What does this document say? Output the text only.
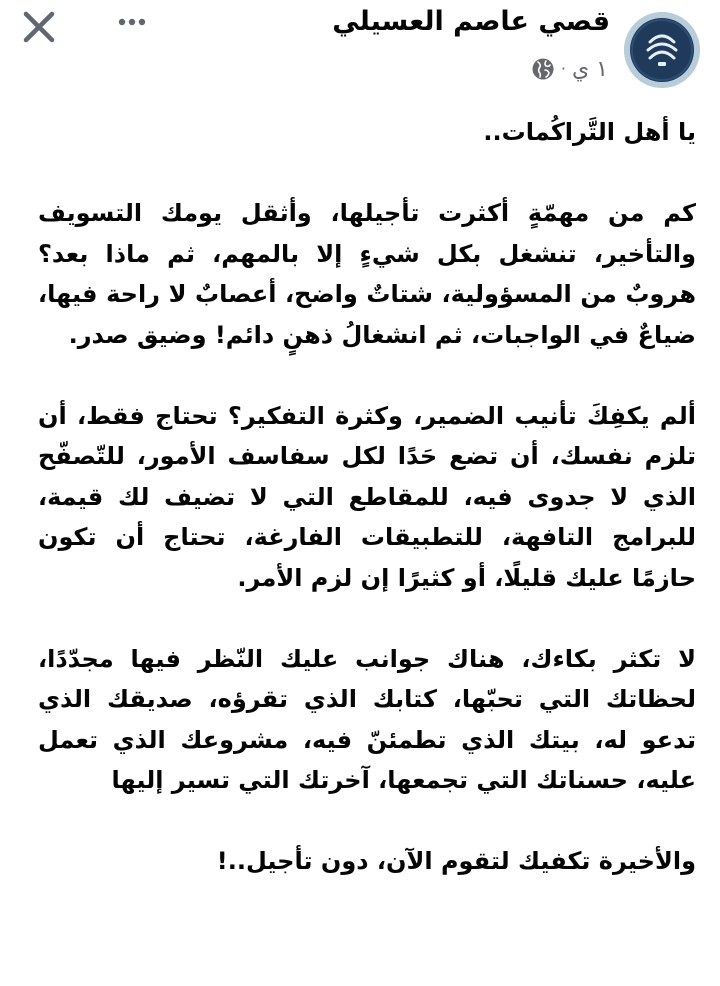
قصي عاصم العسيلي
١ ي
·

يا أهل التَّراكُمات..

كم من مهمّةٍ أكثرت تأجيلها، وأثقل يومك التسويف والتأخير، تنشغل بكل شيءٍ إلا بالمهم، ثم ماذا بعد؟ هروبٌ من المسؤولية، شتاتٌ واضح، أعصابٌ لا راحة فيها، ضياعٌ في الواجبات، ثم انشغالُ ذهنٍ دائم! وضيق صدر.

ألم يكفِكَ تأنيب الضمير، وكثرة التفكير؟ تحتاج فقط، أن تلزم نفسك، أن تضع حَدًا لكل سفاسف الأمور، للتّصفّح الذي لا جدوى فيه، للمقاطع التي لا تضيف لك قيمة، للبرامج التافهة، للتطبيقات الفارغة، تحتاج أن تكون حازمًا عليك قليلًا، أو كثيرًا إن لزم الأمر.

لا تكثر بكاءك، هناك جوانب عليك النّظر فيها مجدّدًا، لحظاتك التي تحبّها، كتابك الذي تقرؤه، صديقك الذي تدعو له، بيتك الذي تطمئنّ فيه، مشروعك الذي تعمل عليه، حسناتك التي تجمعها، آخرتك التي تسير إليها

والأخيرة تكفيك لتقوم الآن، دون تأجيل..!
